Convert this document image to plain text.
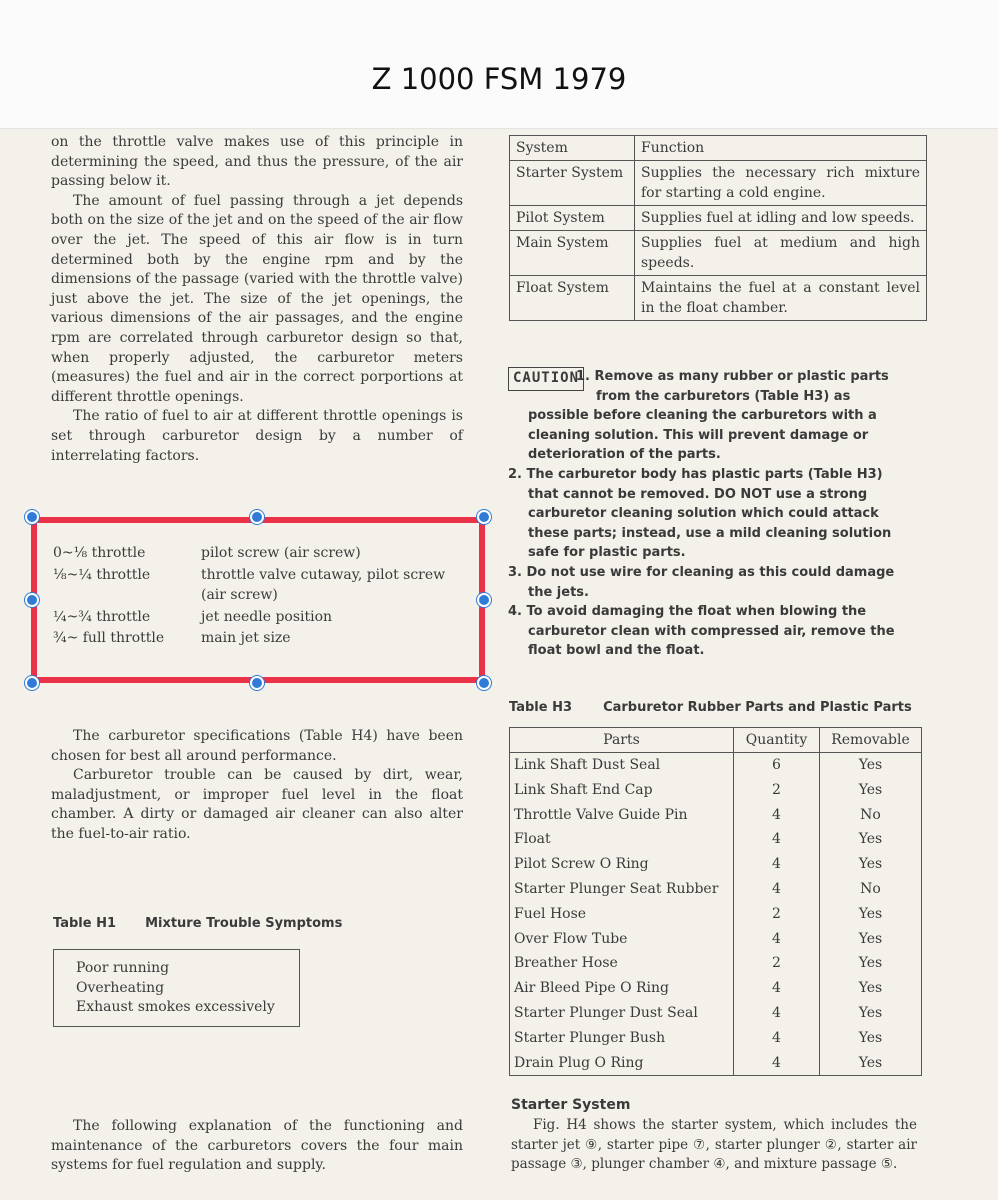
Z 1000 FSM 1979

on the throttle valve makes use of this principle in determining the speed, and thus the pressure, of the air passing below it.

The amount of fuel passing through a jet depends both on the size of the jet and on the speed of the air flow over the jet. The speed of this air flow is in turn determined both by the engine rpm and by the dimensions of the passage (varied with the throttle valve) just above the jet. The size of the jet openings, the various dimensions of the air passages, and the engine rpm are correlated through carburetor design so that, when properly adjusted, the carburetor meters (measures) the fuel and air in the correct porportions at different throttle openings.

The ratio of fuel to air at different throttle openings is set through carburetor design by a number of interrelating factors.

0~⅛ throttle	pilot screw (air screw)
⅛~¼ throttle	throttle valve cutaway, pilot screw (air screw)
¼~¾ throttle	jet needle position
¾~ full throttle	main jet size

The carburetor specifications (Table H4) have been chosen for best all around performance.

Carburetor trouble can be caused by dirt, wear, maladjustment, or improper fuel level in the float chamber. A dirty or damaged air cleaner can also alter the fuel-to-air ratio.

Table H1 Mixture Trouble Symptoms
Poor running
Overheating
Exhaust smokes excessively

The following explanation of the functioning and maintenance of the carburetors covers the four main systems for fuel regulation and supply.

System	Function
Starter System	Supplies the necessary rich mixture for starting a cold engine.
Pilot System	Supplies fuel at idling and low speeds.
Main System	Supplies fuel at medium and high speeds.
Float System	Maintains the fuel at a constant level in the float chamber.
CAUTION
1. Remove as many rubber or plastic parts from the carburetors (Table H3) as possible before cleaning the carburetors with a cleaning solution. This will prevent damage or deterioration of the parts.
2. The carburetor body has plastic parts (Table H3) that cannot be removed. DO NOT use a strong carburetor cleaning solution which could attack these parts; instead, use a mild cleaning solution safe for plastic parts.
3. Do not use wire for cleaning as this could damage the jets.
4. To avoid damaging the float when blowing the carburetor clean with compressed air, remove the float bowl and the float.
Table H3 Carburetor Rubber Parts and Plastic Parts
Parts	Quantity	Removable
Link Shaft Dust Seal	6	Yes
Link Shaft End Cap	2	Yes
Throttle Valve Guide Pin	4	No
Float	4	Yes
Pilot Screw O Ring	4	Yes
Starter Plunger Seat Rubber	4	No
Fuel Hose	2	Yes
Over Flow Tube	4	Yes
Breather Hose	2	Yes
Air Bleed Pipe O Ring	4	Yes
Starter Plunger Dust Seal	4	Yes
Starter Plunger Bush	4	Yes
Drain Plug O Ring	4	Yes
Starter System

Fig. H4 shows the starter system, which includes the starter jet ⑨, starter pipe ⑦, starter plunger ②, starter air passage ③, plunger chamber ④, and mixture passage ⑤.
